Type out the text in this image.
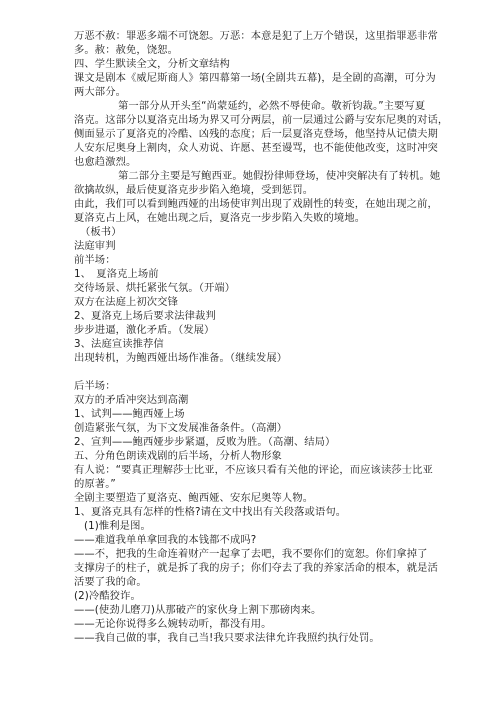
万恶不赦：罪恶多端不可饶恕。万恶：本意是犯了上万个错误，这里指罪恶非常
多。赦：赦免，饶恕。
四、学生默读全文，分析文章结构
课文是剧本《威尼斯商人》第四幕第一场(全剧共五幕)，是全剧的高潮，可分为
两大部分。
第一部分从开头至“尚蒙延约，必然不辱使命。敬祈钧裁。”主要写夏
洛克。这部分以夏洛克出场为界又可分两层，前一层通过公爵与安东尼奥的对话，
侧面显示了夏洛克的冷酷、凶残的态度；后一层夏洛克登场，他坚持从记债夫期
人安东尼奥身上割肉，众人劝说、许愿、甚至谩骂，也不能使他改变，这时冲突
也愈趋激烈。
第二部分主要是写鲍西亚。她假扮律师登场，使冲突解决有了转机。她
欲擒故纵，最后使夏洛克步步陷入绝境，受到惩罚。
由此，我们可以看到鲍西娅的出场使审判出现了戏剧性的转变，在她出现之前，
夏洛克占上风，在她出现之后，夏洛克一步步陷入失败的境地。
（板书）
法庭审判
前半场：
1、　夏洛克上场前
交待场景、烘托紧张气氛。（开端）
双方在法庭上初次交锋
2、夏洛克上场后要求法律裁判
步步进逼，激化矛盾。（发展）
3、法庭宣读推荐信
出现转机，为鲍西娅出场作准备。（继续发展）
后半场：
双方的矛盾冲突达到高潮
1、试判——鲍西娅上场
创造紧张气氛，为下文发展准备条件。（高潮）
2、宣判——鲍西娅步步紧逼，反败为胜。（高潮、结局）
五、分角色朗读戏剧的后半场，分析人物形象
有人说：“要真正理解莎士比亚，不应该只看有关他的评论，而应该读莎士比亚
的原著。”
全剧主要塑造了夏洛克、鲍西娅、安东尼奥等人物。
1、夏洛克具有怎样的性格?请在文中找出有关段落或语句。
(1)惟利是图。
——难道我单单拿回我的本钱都不成吗?
——不，把我的生命连着财产一起拿了去吧，我不要你们的宽恕。你们拿掉了
支撑房子的柱子，就是拆了我的房子；你们夺去了我的养家活命的根本，就是活
活要了我的命。
(2)冷酷狡诈。
——(使劲儿磨刀)从那破产的家伙身上割下那磅肉来。
——无论你说得多么婉转动听，都没有用。
——我自己做的事，我自己当!我只要求法律允许我照约执行处罚。
